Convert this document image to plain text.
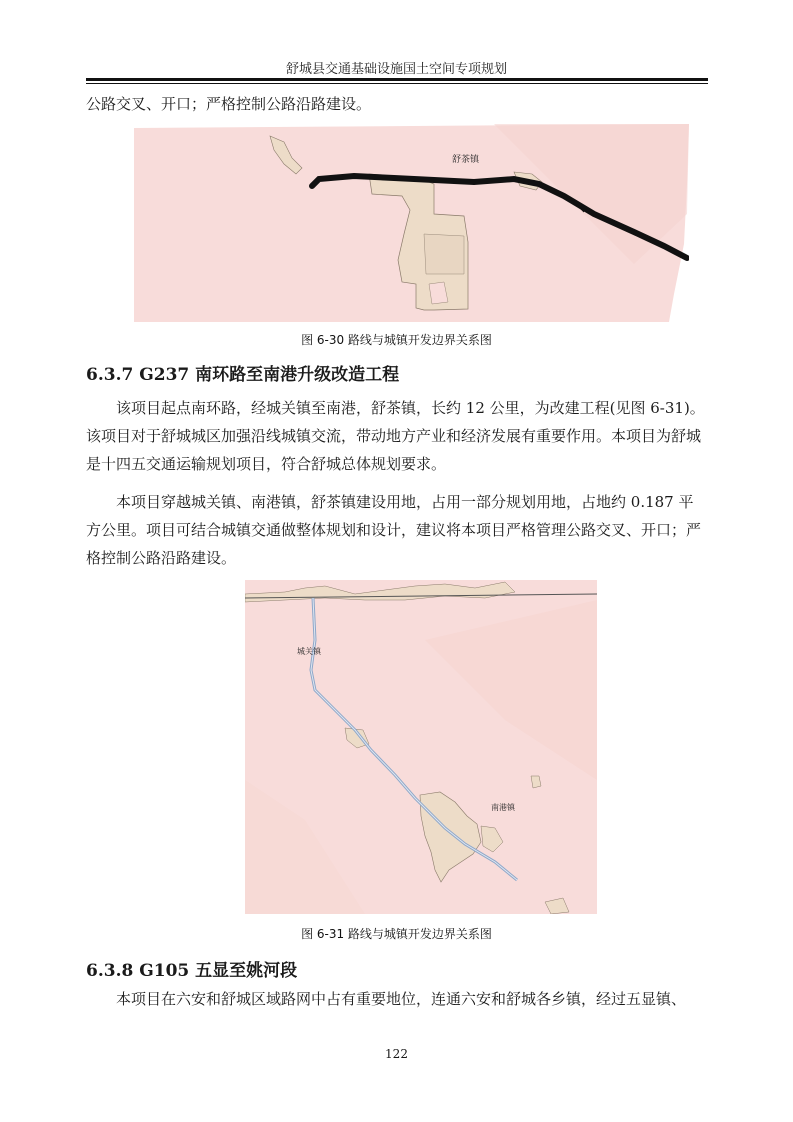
舒城县交通基础设施国土空间专项规划

公路交叉、开口；严格控制公路沿路建设。

舒茶镇
图 6-30 路线与城镇开发边界关系图
6.3.7 G237 南环路至南港升级改造工程

该项目起点南环路，经城关镇至南港，舒茶镇，长约 12 公里，为改建工程(见图 6-31)。该项目对于舒城城区加强沿线城镇交流，带动地方产业和经济发展有重要作用。本项目为舒城是十四五交通运输规划项目，符合舒城总体规划要求。

本项目穿越城关镇、南港镇，舒茶镇建设用地，占用一部分规划用地，占地约 0.187 平方公里。项目可结合城镇交通做整体规划和设计，建议将本项目严格管理公路交叉、开口；严格控制公路沿路建设。

城关镇
南港镇
图 6-31 路线与城镇开发边界关系图
6.3.8 G105 五显至姚河段

本项目在六安和舒城区域路网中占有重要地位，连通六安和舒城各乡镇，经过五显镇、

122
